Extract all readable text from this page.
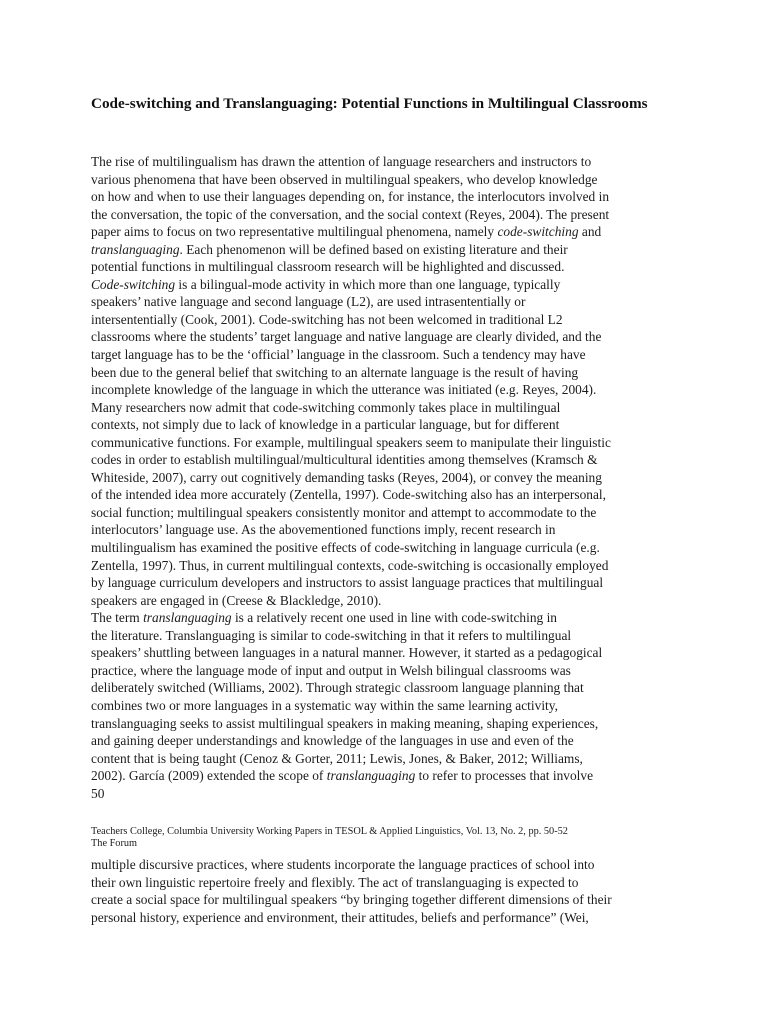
Code-switching and Translanguaging: Potential Functions in Multilingual Classrooms
The rise of multilingualism has drawn the attention of language researchers and instructors to
various phenomena that have been observed in multilingual speakers, who develop knowledge
on how and when to use their languages depending on, for instance, the interlocutors involved in
the conversation, the topic of the conversation, and the social context (Reyes, 2004). The present
paper aims to focus on two representative multilingual phenomena, namely code-switching and
translanguaging. Each phenomenon will be defined based on existing literature and their
potential functions in multilingual classroom research will be highlighted and discussed.
Code-switching is a bilingual-mode activity in which more than one language, typically
speakers’ native language and second language (L2), are used intrasententially or
intersententially (Cook, 2001). Code-switching has not been welcomed in traditional L2
classrooms where the students’ target language and native language are clearly divided, and the
target language has to be the ‘official’ language in the classroom. Such a tendency may have
been due to the general belief that switching to an alternate language is the result of having
incomplete knowledge of the language in which the utterance was initiated (e.g. Reyes, 2004).
Many researchers now admit that code-switching commonly takes place in multilingual
contexts, not simply due to lack of knowledge in a particular language, but for different
communicative functions. For example, multilingual speakers seem to manipulate their linguistic
codes in order to establish multilingual/multicultural identities among themselves (Kramsch &
Whiteside, 2007), carry out cognitively demanding tasks (Reyes, 2004), or convey the meaning
of the intended idea more accurately (Zentella, 1997). Code-switching also has an interpersonal,
social function; multilingual speakers consistently monitor and attempt to accommodate to the
interlocutors’ language use. As the abovementioned functions imply, recent research in
multilingualism has examined the positive effects of code-switching in language curricula (e.g.
Zentella, 1997). Thus, in current multilingual contexts, code-switching is occasionally employed
by language curriculum developers and instructors to assist language practices that multilingual
speakers are engaged in (Creese & Blackledge, 2010).
The term translanguaging is a relatively recent one used in line with code-switching in
the literature. Translanguaging is similar to code-switching in that it refers to multilingual
speakers’ shuttling between languages in a natural manner. However, it started as a pedagogical
practice, where the language mode of input and output in Welsh bilingual classrooms was
deliberately switched (Williams, 2002). Through strategic classroom language planning that
combines two or more languages in a systematic way within the same learning activity,
translanguaging seeks to assist multilingual speakers in making meaning, shaping experiences,
and gaining deeper understandings and knowledge of the languages in use and even of the
content that is being taught (Cenoz & Gorter, 2011; Lewis, Jones, & Baker, 2012; Williams,
2002). García (2009) extended the scope of translanguaging to refer to processes that involve
50
Teachers College, Columbia University Working Papers in TESOL & Applied Linguistics, Vol. 13, No. 2, pp. 50-52
The Forum
multiple discursive practices, where students incorporate the language practices of school into
their own linguistic repertoire freely and flexibly. The act of translanguaging is expected to
create a social space for multilingual speakers “by bringing together different dimensions of their
personal history, experience and environment, their attitudes, beliefs and performance” (Wei,
